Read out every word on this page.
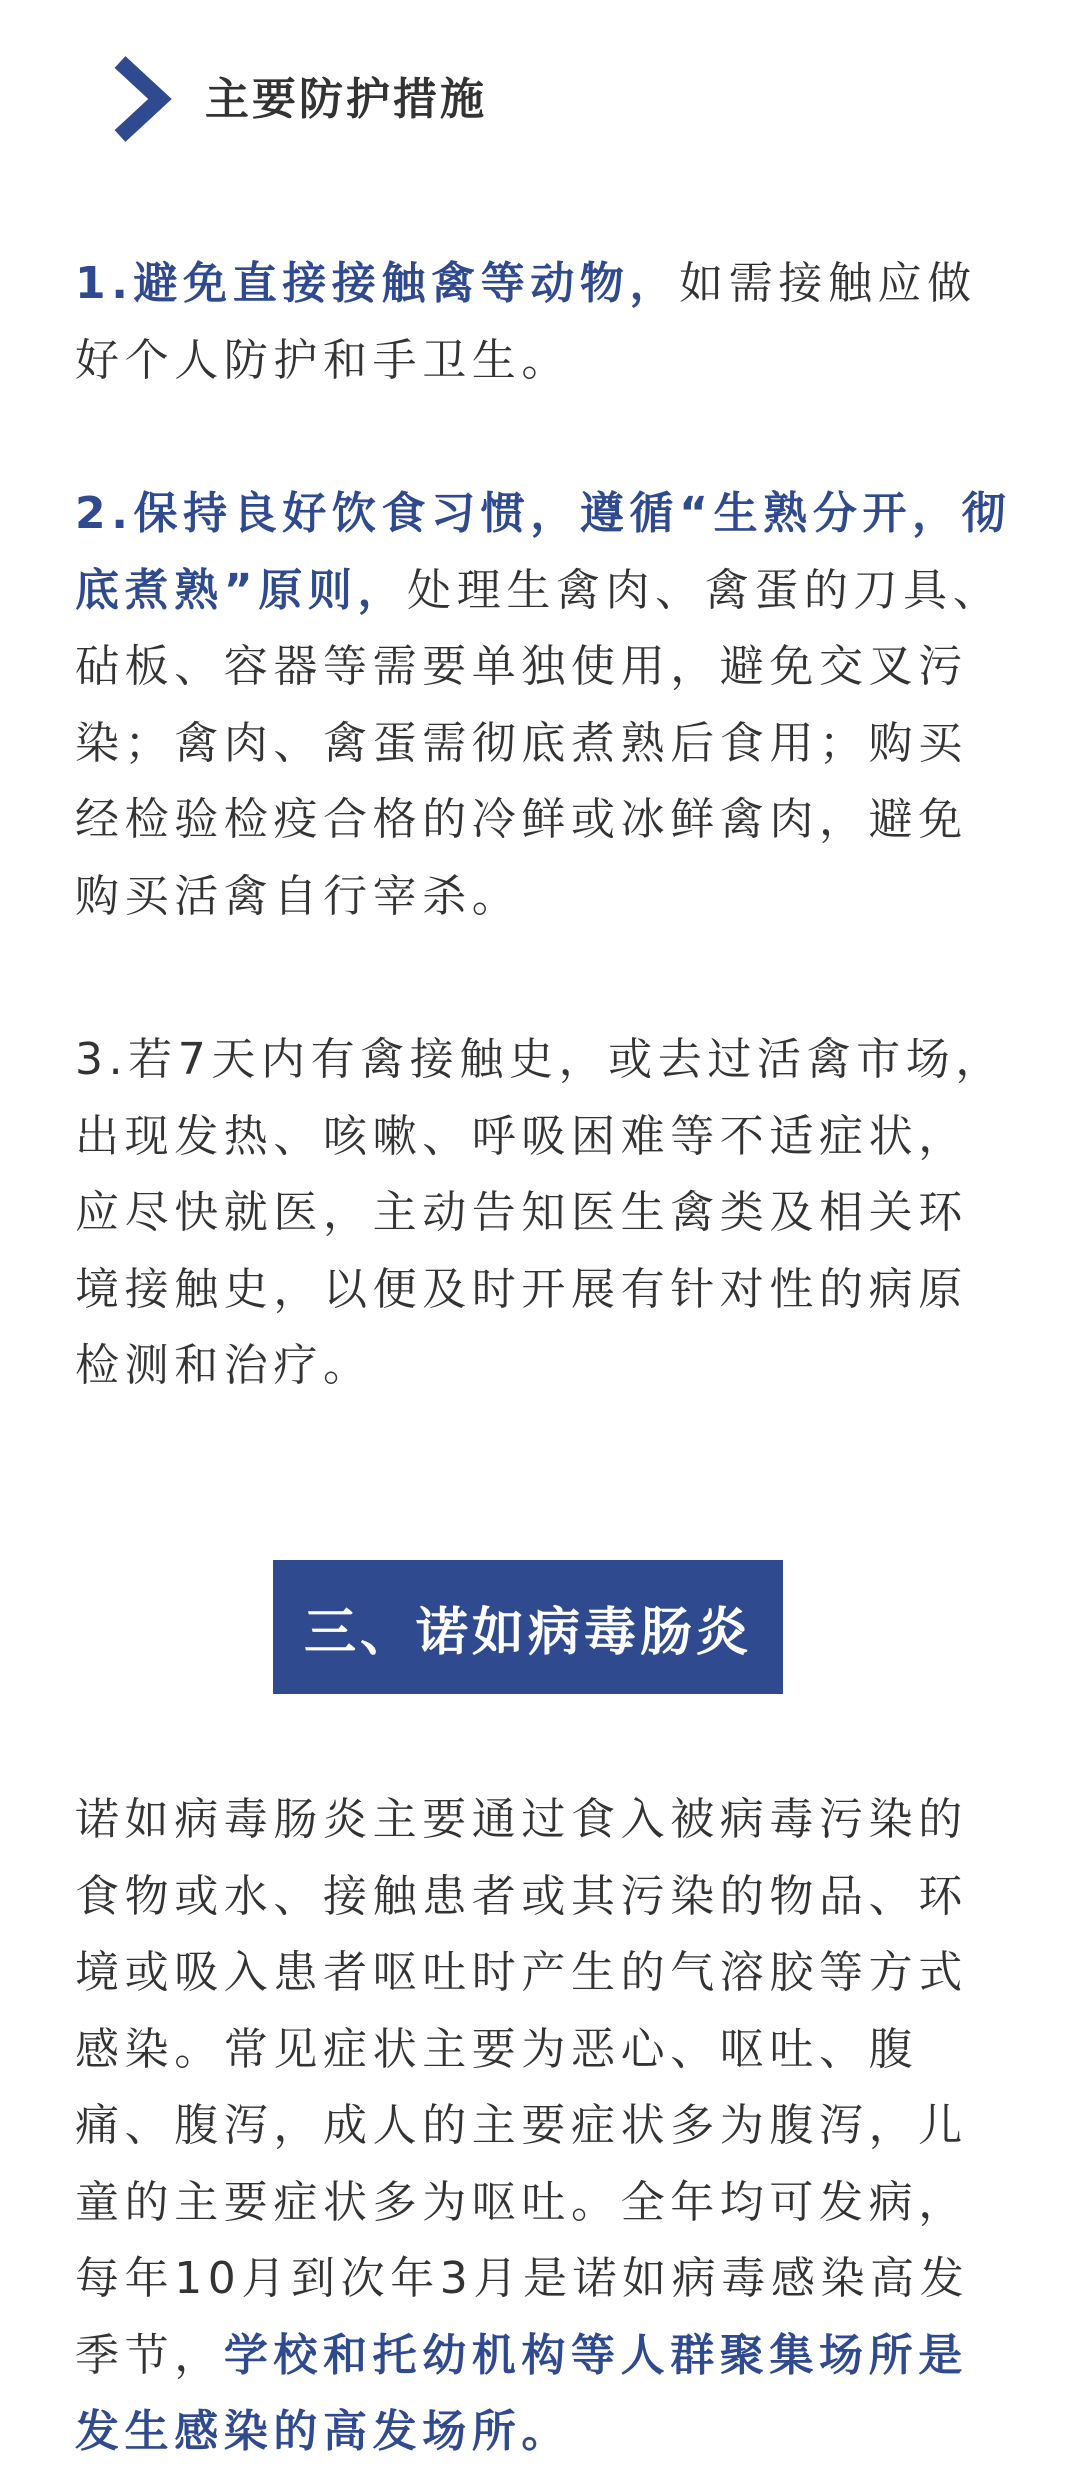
主要防护措施

1.避免直接接触禽等动物，如需接触应做好个人防护和手卫生。

2.保持良好饮食习惯，遵循“生熟分开，彻底煮熟”原则，处理生禽肉、禽蛋的刀具、砧板、容器等需要单独使用，避免交叉污染；禽肉、禽蛋需彻底煮熟后食用；购买经检验检疫合格的冷鲜或冰鲜禽肉，避免购买活禽自行宰杀。

3.若7天内有禽接触史，或去过活禽市场，出现发热、咳嗽、呼吸困难等不适症状，应尽快就医，主动告知医生禽类及相关环境接触史，以便及时开展有针对性的病原检测和治疗。

三、诺如病毒肠炎

诺如病毒肠炎主要通过食入被病毒污染的食物或水、接触患者或其污染的物品、环境或吸入患者呕吐时产生的气溶胶等方式感染。常见症状主要为恶心、呕吐、腹痛、腹泻，成人的主要症状多为腹泻，儿童的主要症状多为呕吐。全年均可发病，每年10月到次年3月是诺如病毒感染高发季节，学校和托幼机构等人群聚集场所是发生感染的高发场所。
